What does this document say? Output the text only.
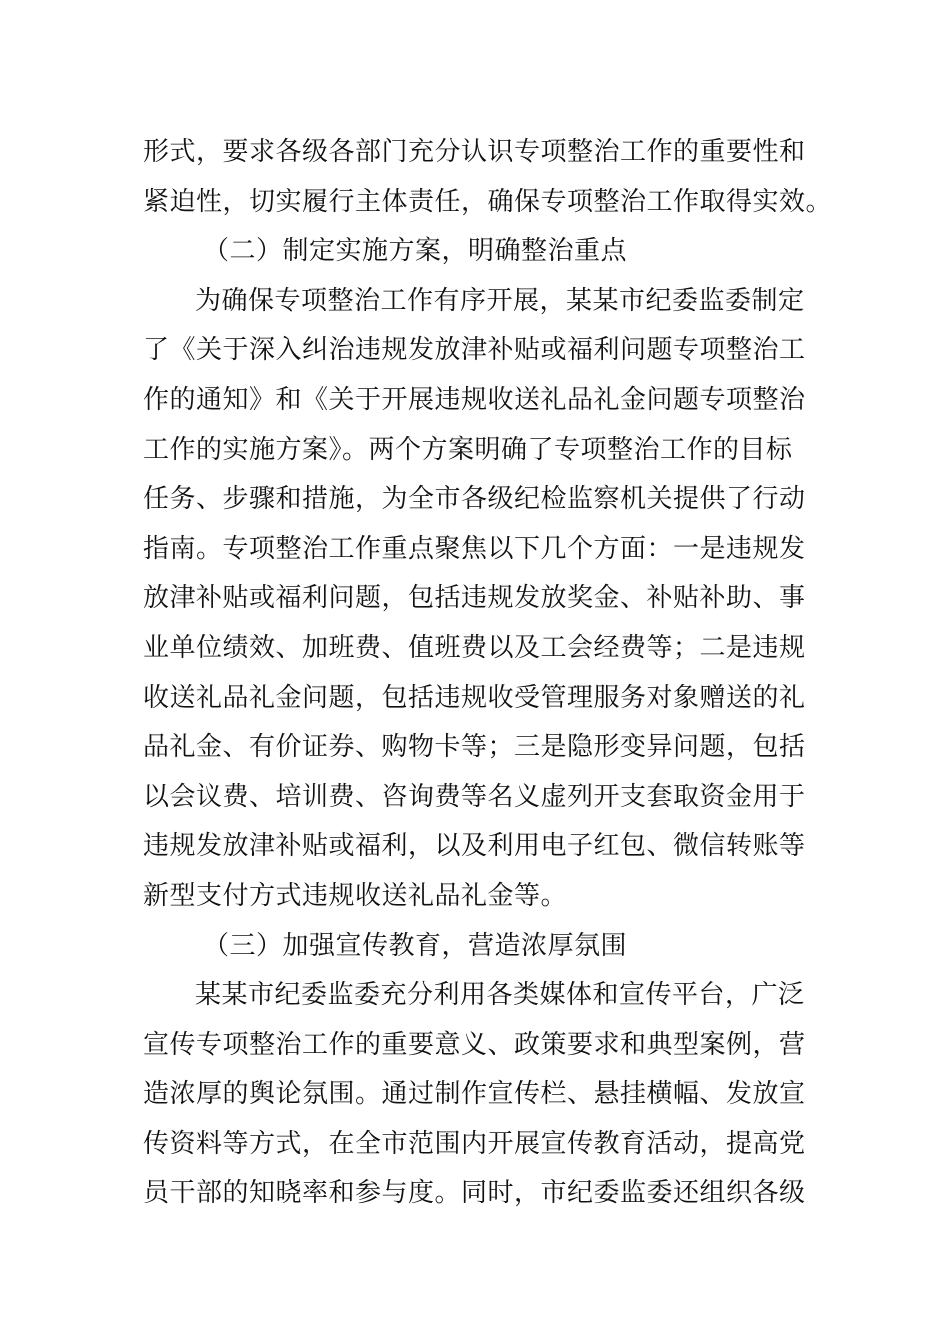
形式，要求各级各部门充分认识专项整治工作的重要性和
紧迫性，切实履行主体责任，确保专项整治工作取得实效。
（二）制定实施方案，明确整治重点
为确保专项整治工作有序开展，某某市纪委监委制定
了《关于深入纠治违规发放津补贴或福利问题专项整治工
作的通知》和《关于开展违规收送礼品礼金问题专项整治
工作的实施方案》。两个方案明确了专项整治工作的目标
任务、步骤和措施，为全市各级纪检监察机关提供了行动
指南。专项整治工作重点聚焦以下几个方面：一是违规发
放津补贴或福利问题，包括违规发放奖金、补贴补助、事
业单位绩效、加班费、值班费以及工会经费等；二是违规
收送礼品礼金问题，包括违规收受管理服务对象赠送的礼
品礼金、有价证券、购物卡等；三是隐形变异问题，包括
以会议费、培训费、咨询费等名义虚列开支套取资金用于
违规发放津补贴或福利，以及利用电子红包、微信转账等
新型支付方式违规收送礼品礼金等。
（三）加强宣传教育，营造浓厚氛围
某某市纪委监委充分利用各类媒体和宣传平台，广泛
宣传专项整治工作的重要意义、政策要求和典型案例，营
造浓厚的舆论氛围。通过制作宣传栏、悬挂横幅、发放宣
传资料等方式，在全市范围内开展宣传教育活动，提高党
员干部的知晓率和参与度。同时，市纪委监委还组织各级
